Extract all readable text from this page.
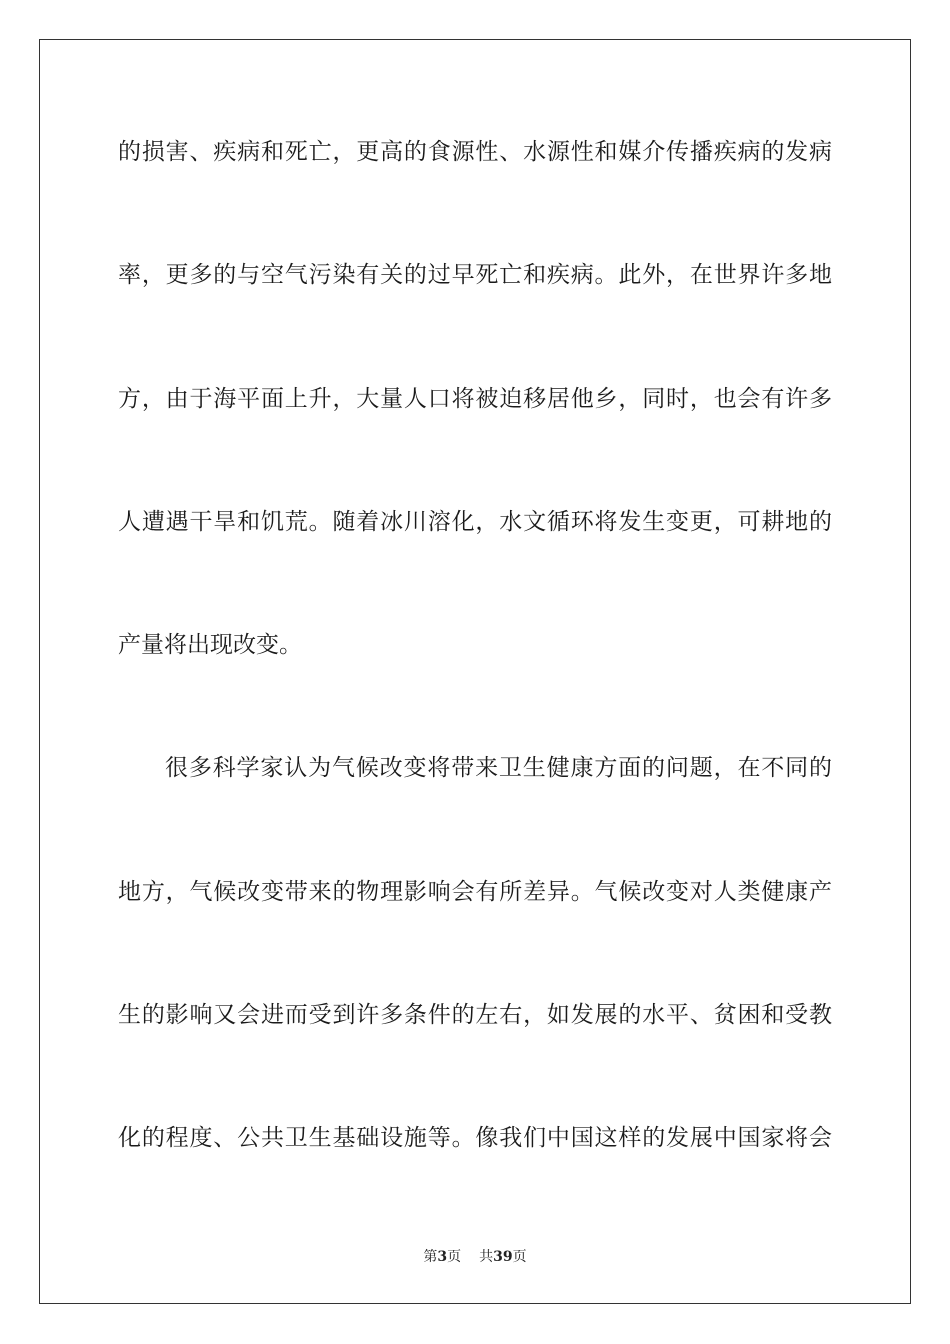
的损害、疾病和死亡，更高的食源性、水源性和媒介传播疾病的发病
率，更多的与空气污染有关的过早死亡和疾病。此外，在世界许多地
方，由于海平面上升，大量人口将被迫移居他乡，同时，也会有许多
人遭遇干旱和饥荒。随着冰川溶化，水文循环将发生变更，可耕地的
产量将出现改变。
很多科学家认为气候改变将带来卫生健康方面的问题，在不同的
地方，气候改变带来的物理影响会有所差异。气候改变对人类健康产
生的影响又会进而受到许多条件的左右，如发展的水平、贫困和受教
化的程度、公共卫生基础设施等。像我们中国这样的发展中国家将会
第3页 共39页
